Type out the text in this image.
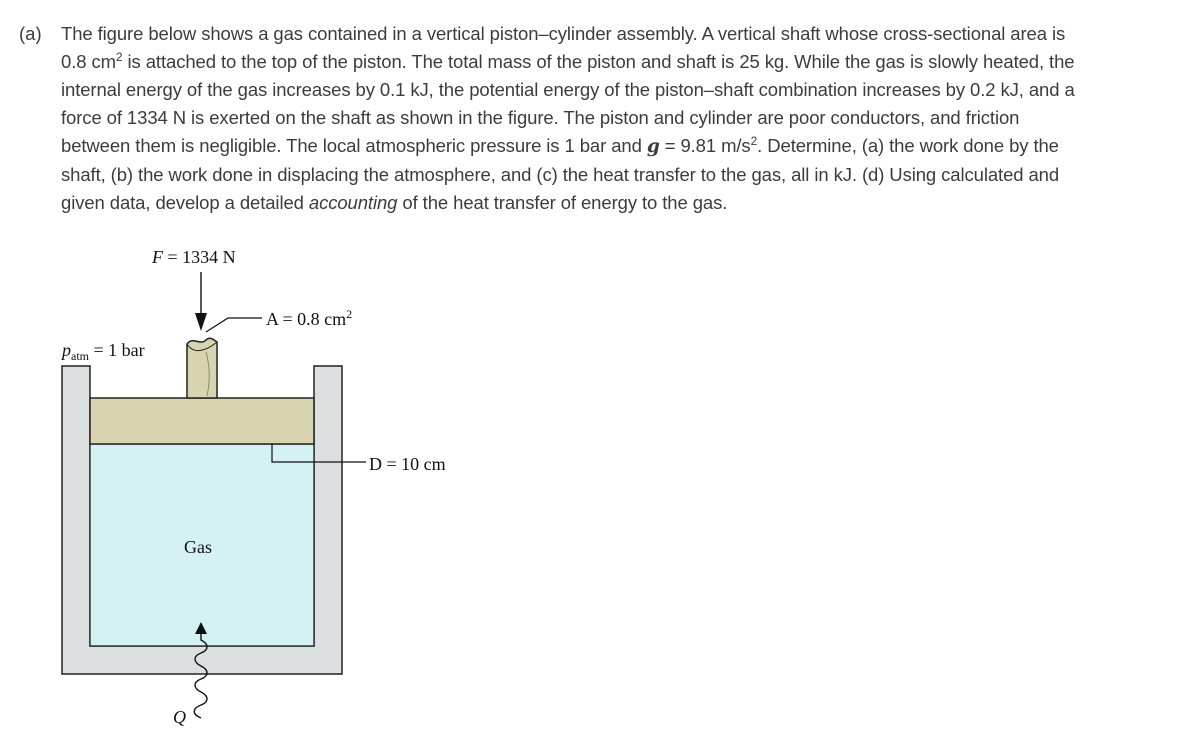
(a) The figure below shows a gas contained in a vertical piston–cylinder assembly. A vertical shaft whose cross-sectional area is
0.8 $cm^2$ is attached to the top of the piston. The total mass of the piston and shaft is 25 kg. While the gas is slowly heated, the
internal energy of the gas increases by 0.1 kJ, the potential energy of the piston–shaft combination increases by 0.2 kJ, and a
force of 1334 N is exerted on the shaft as shown in the figure. The piston and cylinder are poor conductors, and friction
between them is negligible. The local atmospheric pressure is 1 bar and g = 9.81 $m/s^2$. Determine, (a) the work done by the
shaft, (b) the work done in displacing the atmosphere, and (c) the heat transfer to the gas, all in kJ. (d) Using calculated and
given data, develop a detailed accounting of the heat transfer of energy to the gas.
F = 1334 N
A = 0.8 $cm^2$
$p_{atm} = 1$ bar
D = 10 cm
Gas
Q
